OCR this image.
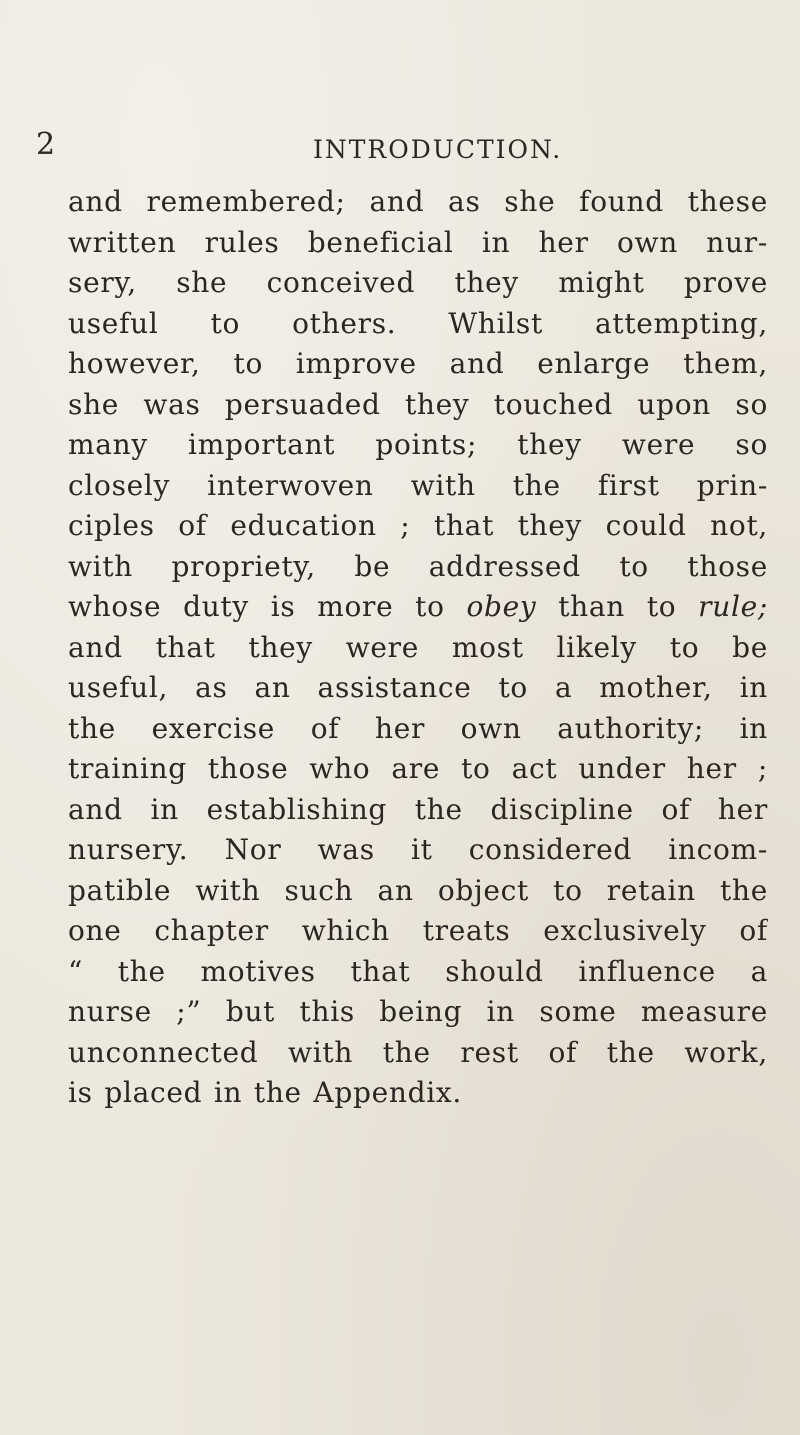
2	INTRODUCTION.
and remembered; and as she found these
written rules beneficial in her own nur-
sery, she conceived they might prove
useful to others. Whilst attempting,
however, to improve and enlarge them,
she was persuaded they touched upon so
many important points; they were so
closely interwoven with the first prin-
ciples of education ; that they could not,
with propriety, be addressed to those
whose duty is more to obey than to rule;
and that they were most likely to be
useful, as an assistance to a mother, in
the exercise of her own authority; in
training those who are to act under her ;
and in establishing the discipline of her
nursery. Nor was it considered incom-
patible with such an object to retain the
one chapter which treats exclusively of
“ the motives that should influence a
nurse ;” but this being in some measure
unconnected with the rest of the work,
is placed in the Appendix.
